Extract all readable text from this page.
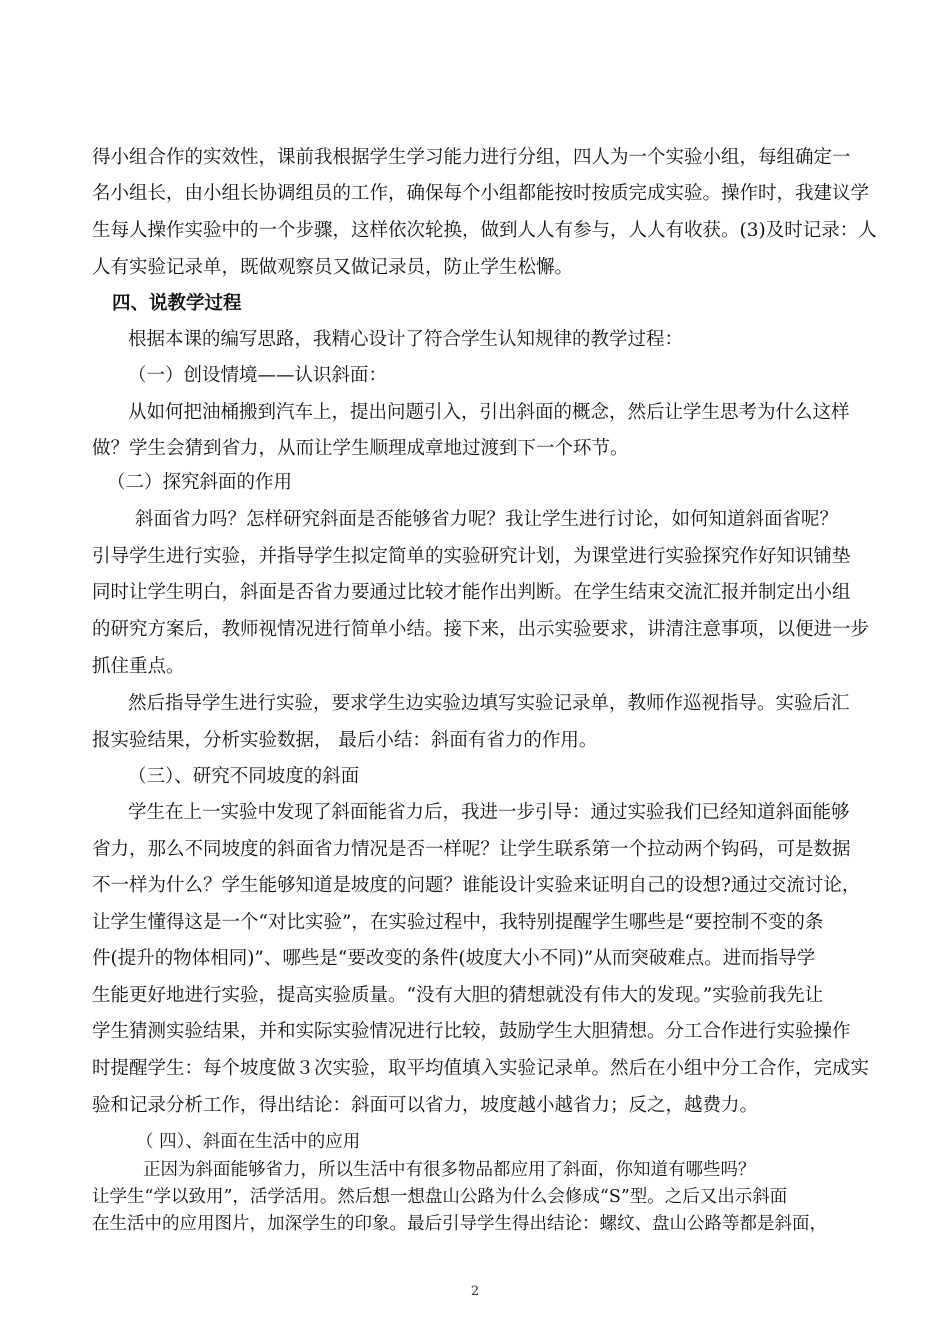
得小组合作的实效性，课前我根据学生学习能力进行分组，四人为一个实验小组，每组确定一
名小组长，由小组长协调组员的工作，确保每个小组都能按时按质完成实验。操作时，我建议学
生每人操作实验中的一个步骤，这样依次轮换，做到人人有参与，人人有收获。(3)及时记录：人
人有实验记录单，既做观察员又做记录员，防止学生松懈。
四、说教学过程
根据本课的编写思路，我精心设计了符合学生认知规律的教学过程：
（一）创设情境——认识斜面：
从如何把油桶搬到汽车上，提出问题引入，引出斜面的概念，然后让学生思考为什么这样
做？学生会猜到省力，从而让学生顺理成章地过渡到下一个环节。
（二）探究斜面的作用
斜面省力吗？怎样研究斜面是否能够省力呢？我让学生进行讨论，如何知道斜面省呢？
引导学生进行实验，并指导学生拟定简单的实验研究计划，为课堂进行实验探究作好知识铺垫
同时让学生明白，斜面是否省力要通过比较才能作出判断。在学生结束交流汇报并制定出小组
的研究方案后，教师视情况进行简单小结。接下来，出示实验要求，讲清注意事项，以便进一步
抓住重点。
然后指导学生进行实验，要求学生边实验边填写实验记录单，教师作巡视指导。实验后汇
报实验结果，分析实验数据， 最后小结：斜面有省力的作用。
（三）、研究不同坡度的斜面
学生在上一实验中发现了斜面能省力后，我进一步引导：通过实验我们已经知道斜面能够
省力，那么不同坡度的斜面省力情况是否一样呢？让学生联系第一个拉动两个钩码，可是数据
不一样为什么？学生能够知道是坡度的问题？谁能设计实验来证明自己的设想?通过交流讨论，
让学生懂得这是一个“对比实验”，在实验过程中，我特别提醒学生哪些是“要控制不变的条
件(提升的物体相同)”、哪些是“要改变的条件(坡度大小不同)”从而突破难点。进而指导学
生能更好地进行实验，提高实验质量。“没有大胆的猜想就没有伟大的发现。”实验前我先让
学生猜测实验结果，并和实际实验情况进行比较，鼓励学生大胆猜想。分工合作进行实验操作
时提醒学生：每个坡度做３次实验，取平均值填入实验记录单。然后在小组中分工合作，完成实
验和记录分析工作，得出结论：斜面可以省力，坡度越小越省力；反之，越费力。
（ 四）、斜面在生活中的应用
正因为斜面能够省力，所以生活中有很多物品都应用了斜面，你知道有哪些吗？
让学生“学以致用”，活学活用。然后想一想盘山公路为什么会修成“S”型。之后又出示斜面
在生活中的应用图片，加深学生的印象。最后引导学生得出结论：螺纹、盘山公路等都是斜面，
2
